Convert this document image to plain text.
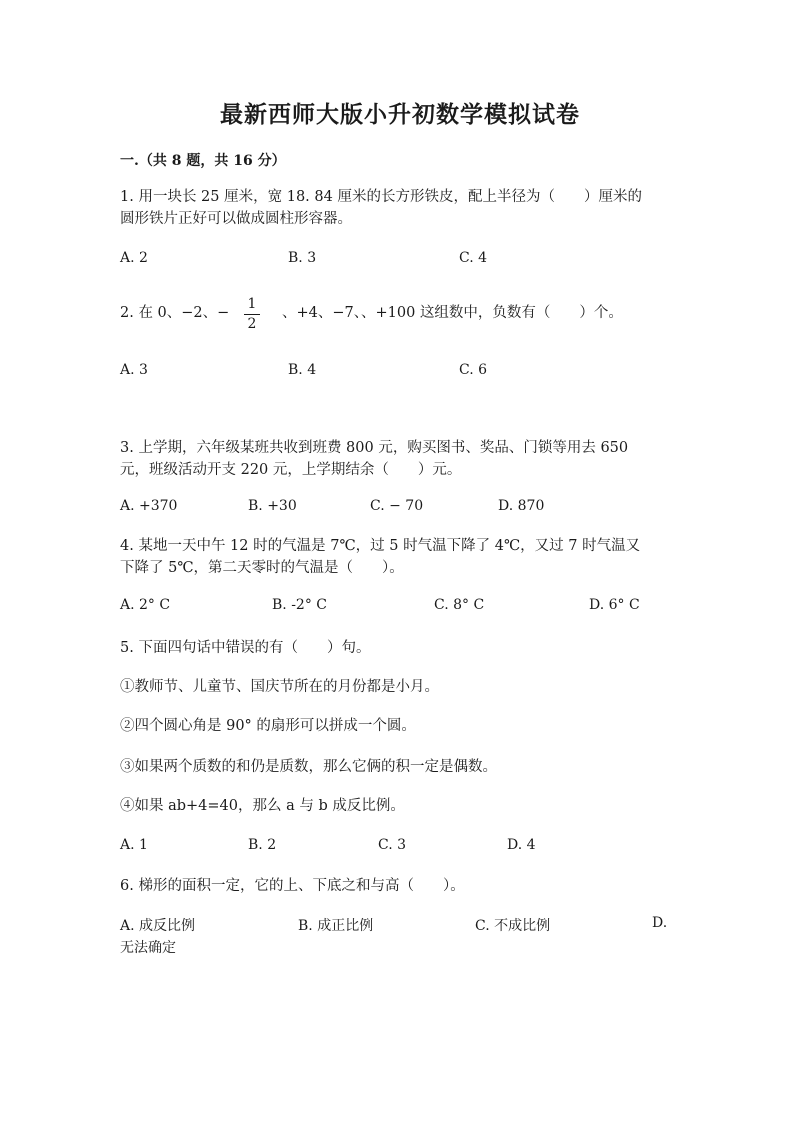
最新西师大版小升初数学模拟试卷
一.（共 8 题，共 16 分）
1. 用一块长 25 厘米，宽 18. 84 厘米的长方形铁皮，配上半径为（　　）厘米的
圆形铁片正好可以做成圆柱形容器。
A. 2	B. 3	C. 4
2. 在 0、−2、−
1
2
、+4、−7、、+100 这组数中，负数有（　　）个。
A. 3	B. 4	C. 6
3. 上学期，六年级某班共收到班费 800 元，购买图书、奖品、门锁等用去 650
元，班级活动开支 220 元，上学期结余（　　）元。
A. +370	B. +30	C. − 70	D. 870
4. 某地一天中午 12 时的气温是 7℃，过 5 时气温下降了 4℃，又过 7 时气温又
下降了 5℃，第二天零时的气温是（　　）。
A. 2° C	B. -2° C	C. 8° C	D. 6° C
5. 下面四句话中错误的有（　　）句。
①教师节、儿童节、国庆节所在的月份都是小月。
②四个圆心角是 90° 的扇形可以拼成一个圆。
③如果两个质数的和仍是质数，那么它俩的积一定是偶数。
④如果 ab+4=40，那么 a 与 b 成反比例。
A. 1	B. 2	C. 3	D. 4
6. 梯形的面积一定，它的上、下底之和与高（　　）。
A. 成反比例	B. 成正比例	C. 不成比例	D.
无法确定
